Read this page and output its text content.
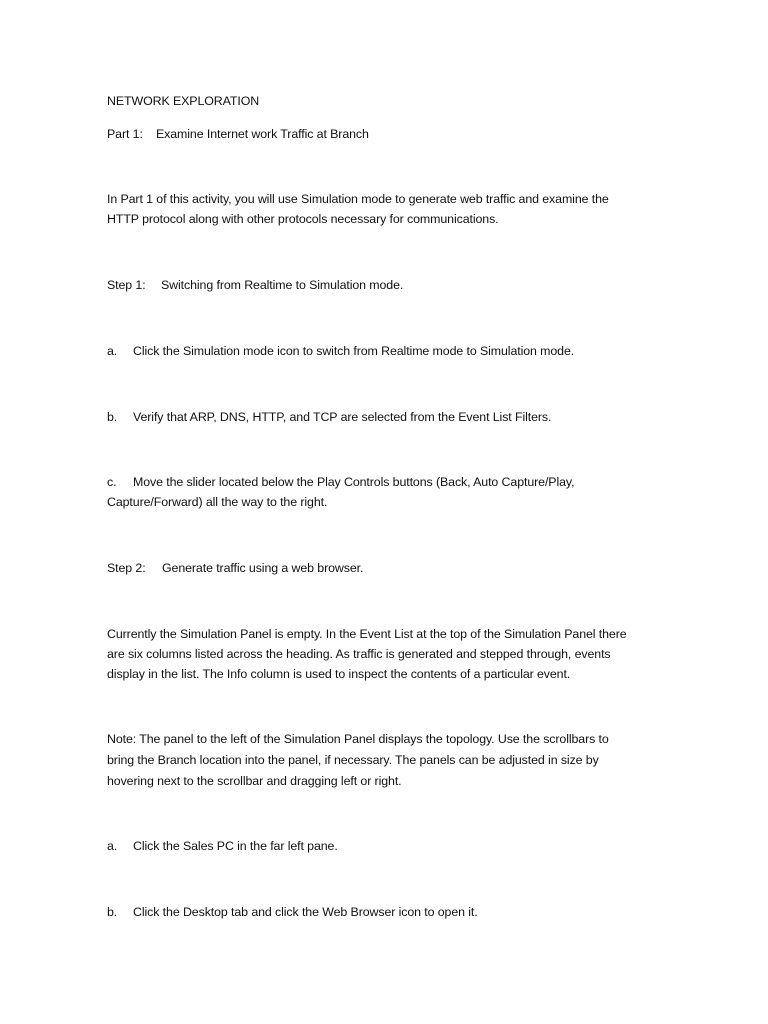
NETWORK EXPLORATION
Part 1: Examine Internet work Traffic at Branch
In Part 1 of this activity, you will use Simulation mode to generate web traffic and examine the
HTTP protocol along with other protocols necessary for communications.
Step 1: Switching from Realtime to Simulation mode.
a. Click the Simulation mode icon to switch from Realtime mode to Simulation mode.
b. Verify that ARP, DNS, HTTP, and TCP are selected from the Event List Filters.
c. Move the slider located below the Play Controls buttons (Back, Auto Capture/Play,
Capture/Forward) all the way to the right.
Step 2: Generate traffic using a web browser.
Currently the Simulation Panel is empty. In the Event List at the top of the Simulation Panel there
are six columns listed across the heading. As traffic is generated and stepped through, events
display in the list. The Info column is used to inspect the contents of a particular event.
Note: The panel to the left of the Simulation Panel displays the topology. Use the scrollbars to
bring the Branch location into the panel, if necessary. The panels can be adjusted in size by
hovering next to the scrollbar and dragging left or right.
a. Click the Sales PC in the far left pane.
b. Click the Desktop tab and click the Web Browser icon to open it.
